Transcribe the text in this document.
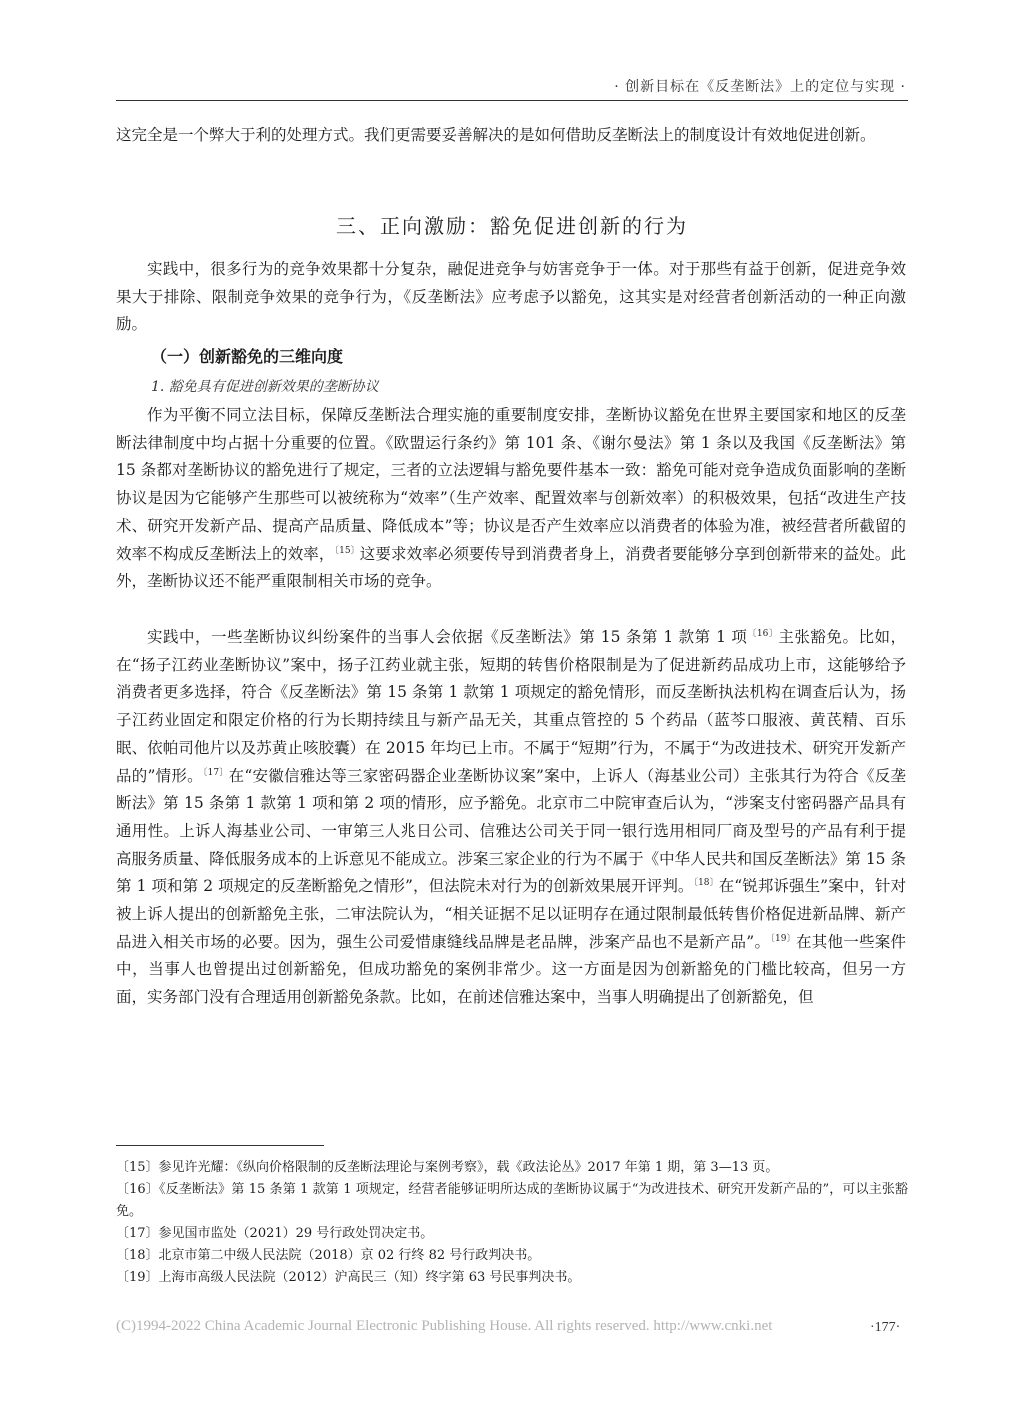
· 创新目标在《反垄断法》上的定位与实现 ·

这完全是一个弊大于利的处理方式。我们更需要妥善解决的是如何借助反垄断法上的制度设计有效地促进创新。

三、正向激励：豁免促进创新的行为

实践中，很多行为的竞争效果都十分复杂，融促进竞争与妨害竞争于一体。对于那些有益于创新，促进竞争效果大于排除、限制竞争效果的竞争行为，《反垄断法》应考虑予以豁免，这其实是对经营者创新活动的一种正向激励。

（一）创新豁免的三维向度
1. 豁免具有促进创新效果的垄断协议

作为平衡不同立法目标，保障反垄断法合理实施的重要制度安排，垄断协议豁免在世界主要国家和地区的反垄断法律制度中均占据十分重要的位置。《欧盟运行条约》第 101 条、《谢尔曼法》第 1 条以及我国《反垄断法》第 15 条都对垄断协议的豁免进行了规定，三者的立法逻辑与豁免要件基本一致：豁免可能对竞争造成负面影响的垄断协议是因为它能够产生那些可以被统称为“效率”（生产效率、配置效率与创新效率）的积极效果，包括“改进生产技术、研究开发新产品、提高产品质量、降低成本”等；协议是否产生效率应以消费者的体验为准，被经营者所截留的效率不构成反垄断法上的效率，$^{〔15〕}$这要求效率必须要传导到消费者身上，消费者要能够分享到创新带来的益处。此外，垄断协议还不能严重限制相关市场的竞争。

实践中，一些垄断协议纠纷案件的当事人会依据《反垄断法》第 15 条第 1 款第 1 项$^{〔16〕}$主张豁免。比如，在“扬子江药业垄断协议”案中，扬子江药业就主张，短期的转售价格限制是为了促进新药品成功上市，这能够给予消费者更多选择，符合《反垄断法》第 15 条第 1 款第 1 项规定的豁免情形，而反垄断执法机构在调查后认为，扬子江药业固定和限定价格的行为长期持续且与新产品无关，其重点管控的 5 个药品（蓝芩口服液、黄芪精、百乐眠、依帕司他片以及苏黄止咳胶囊）在 2015 年均已上市。不属于“短期”行为，不属于“为改进技术、研究开发新产品的”情形。$^{〔17〕}$在“安徽信雅达等三家密码器企业垄断协议案”案中，上诉人（海基业公司）主张其行为符合《反垄断法》第 15 条第 1 款第 1 项和第 2 项的情形，应予豁免。北京市二中院审查后认为，“涉案支付密码器产品具有通用性。上诉人海基业公司、一审第三人兆日公司、信雅达公司关于同一银行选用相同厂商及型号的产品有利于提高服务质量、降低服务成本的上诉意见不能成立。涉案三家企业的行为不属于《中华人民共和国反垄断法》第 15 条第 1 项和第 2 项规定的反垄断豁免之情形”，但法院未对行为的创新效果展开评判。$^{〔18〕}$在“锐邦诉强生”案中，针对被上诉人提出的创新豁免主张，二审法院认为，“相关证据不足以证明存在通过限制最低转售价格促进新品牌、新产品进入相关市场的必要。因为，强生公司爱惜康缝线品牌是老品牌，涉案产品也不是新产品”。$^{〔19〕}$在其他一些案件中，当事人也曾提出过创新豁免，但成功豁免的案例非常少。这一方面是因为创新豁免的门槛比较高，但另一方面，实务部门没有合理适用创新豁免条款。比如，在前述信雅达案中，当事人明确提出了创新豁免，但

〔15〕参见许光耀：《纵向价格限制的反垄断法理论与案例考察》，载《政法论丛》2017 年第 1 期，第 3—13 页。
〔16〕《反垄断法》第 15 条第 1 款第 1 项规定，经营者能够证明所达成的垄断协议属于“为改进技术、研究开发新产品的”，可以主张豁免。
〔17〕参见国市监处（2021）29 号行政处罚决定书。
〔18〕北京市第二中级人民法院（2018）京 02 行终 82 号行政判决书。
〔19〕上海市高级人民法院（2012）沪高民三（知）终字第 63 号民事判决书。
(C)1994-2022 China Academic Journal Electronic Publishing House. All rights reserved. http://www.cnki.net	·177·
